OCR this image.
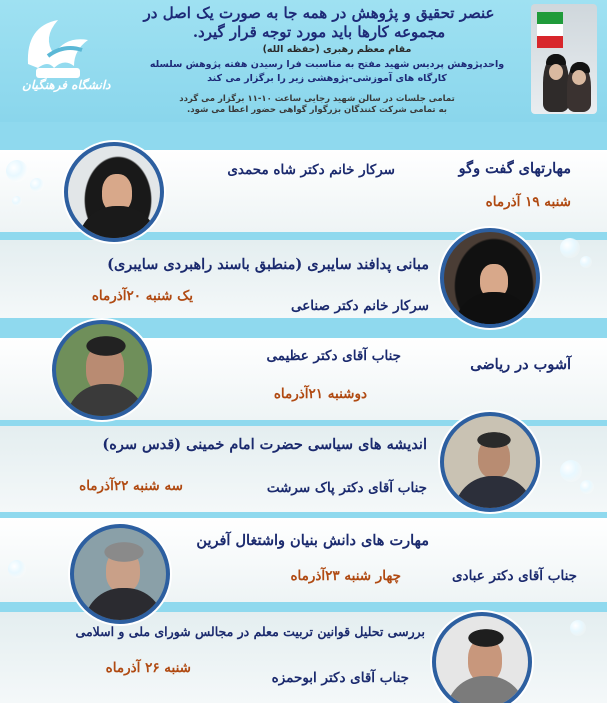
دانشگاه فرهنگیان
عنصر تحقیق و پژوهش در همه جا به صورت یک اصل در مجموعه کارها باید مورد توجه قرار گیرد.
مقام معظم رهبری (حفظه الله)
واحدپژوهش پردیس شهید مفتح به مناسبت فرا رسیدن هفته پژوهش سلسله کارگاه های آموزشی-پژوهشی زیر را برگزار می کند
تمامی جلسات در سالن شهید رجایی ساعت ۱۰-۱۱ برگزار می گردد به تمامی شرکت کنندگان بزرگوار گواهی حضور اعطا می شود.
مهارتهای گفت وگو
سرکار خانم دکتر شاه محمدی
شنبه ۱۹ آذرماه
مبانی پدافند سایبری (منطبق باسند راهبردی سایبری)
یک شنبه ۲۰آذرماه
سرکار خانم دکتر صناعی
جناب آقای دکتر عظیمی	آشوب در ریاضی
دوشنبه ۲۱آذرماه
اندیشه های سیاسی حضرت امام خمینی (قدس سره)
سه شنبه ۲۲آذرماه	جناب آقای دکتر پاک سرشت
مهارت های دانش بنیان واشتغال آفرین
جناب آقای دکتر عبادی
چهار شنبه ۲۳آذرماه
بررسی تحلیل قوانین تربیت معلم در مجالس شورای ملی و اسلامی
شنبه ۲۶ آذرماه
جناب آقای دکتر ابوحمزه
